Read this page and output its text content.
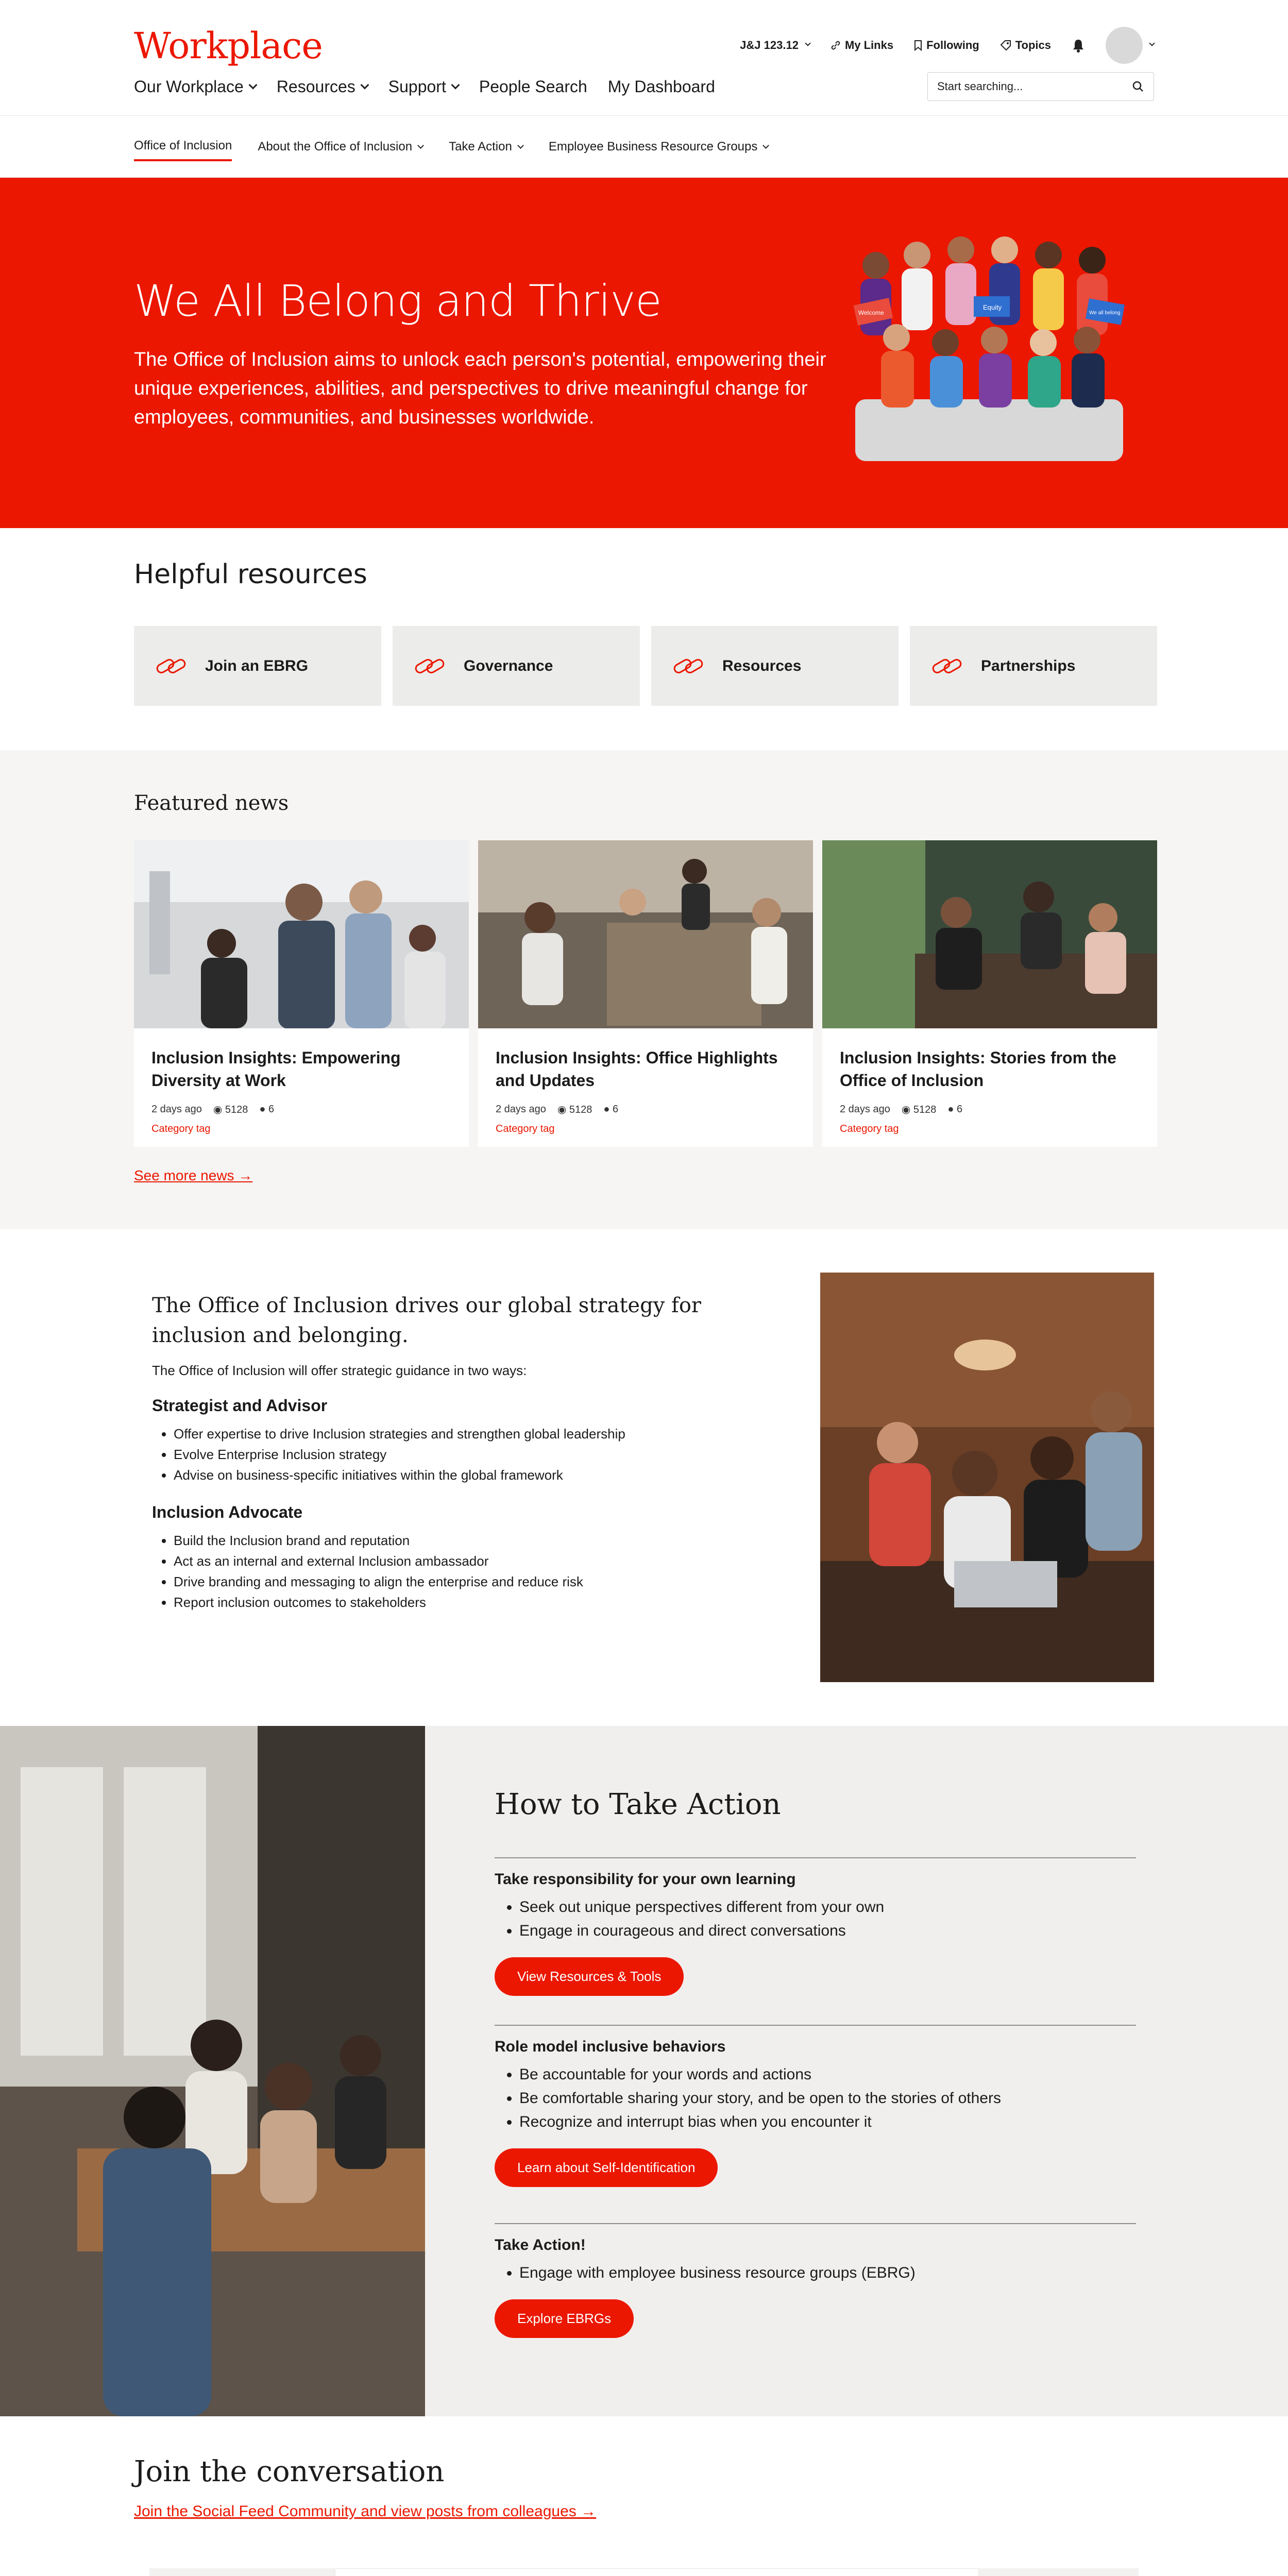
Workplace	J&J 123.12	My Links	Following	Topics
Our Workplace Resources Support People Search My Dashboard	Start searching...
Office of Inclusion About the Office of Inclusion	Take Action	Employee Business Resource Groups
We All Belong and Thrive
The Office of Inclusion aims to unlock each person's potential, empowering their unique experiences, abilities, and perspectives to drive meaningful change for employees, communities, and businesses worldwide.
Welcome
Equity
We all belong
Helpful resources
Join an EBRG	Governance	Resources	Partnerships
Featured news
Inclusion Insights: Empowering Diversity at Work
2 days ago ◉ 5128 ● 6
Category tag
Inclusion Insights: Office Highlights and Updates
2 days ago ◉ 5128 ● 6
Category tag
Inclusion Insights: Stories from the Office of Inclusion
2 days ago ◉ 5128 ● 6
Category tag
See more news →
The Office of Inclusion drives our global strategy for inclusion and belonging.
The Office of Inclusion will offer strategic guidance in two ways:
Strategist and Advisor
• Offer expertise to drive Inclusion strategies and strengthen global leadership
• Evolve Enterprise Inclusion strategy
• Advise on business-specific initiatives within the global framework
Inclusion Advocate
• Build the Inclusion brand and reputation
• Act as an internal and external Inclusion ambassador
• Drive branding and messaging to align the enterprise and reduce risk
• Report inclusion outcomes to stakeholders
How to Take Action
Take responsibility for your own learning
• Seek out unique perspectives different from your own
• Engage in courageous and direct conversations
View Resources & Tools
Role model inclusive behaviors
• Be accountable for your words and actions
• Be comfortable sharing your story, and be open to the stories of others
• Recognize and interrupt bias when you encounter it
Learn about Self-Identification
Take Action!
• Engage with employee business resource groups (EBRG)
Explore EBRGs
Join the conversation
Join the Social Feed Community and view posts from colleagues →
